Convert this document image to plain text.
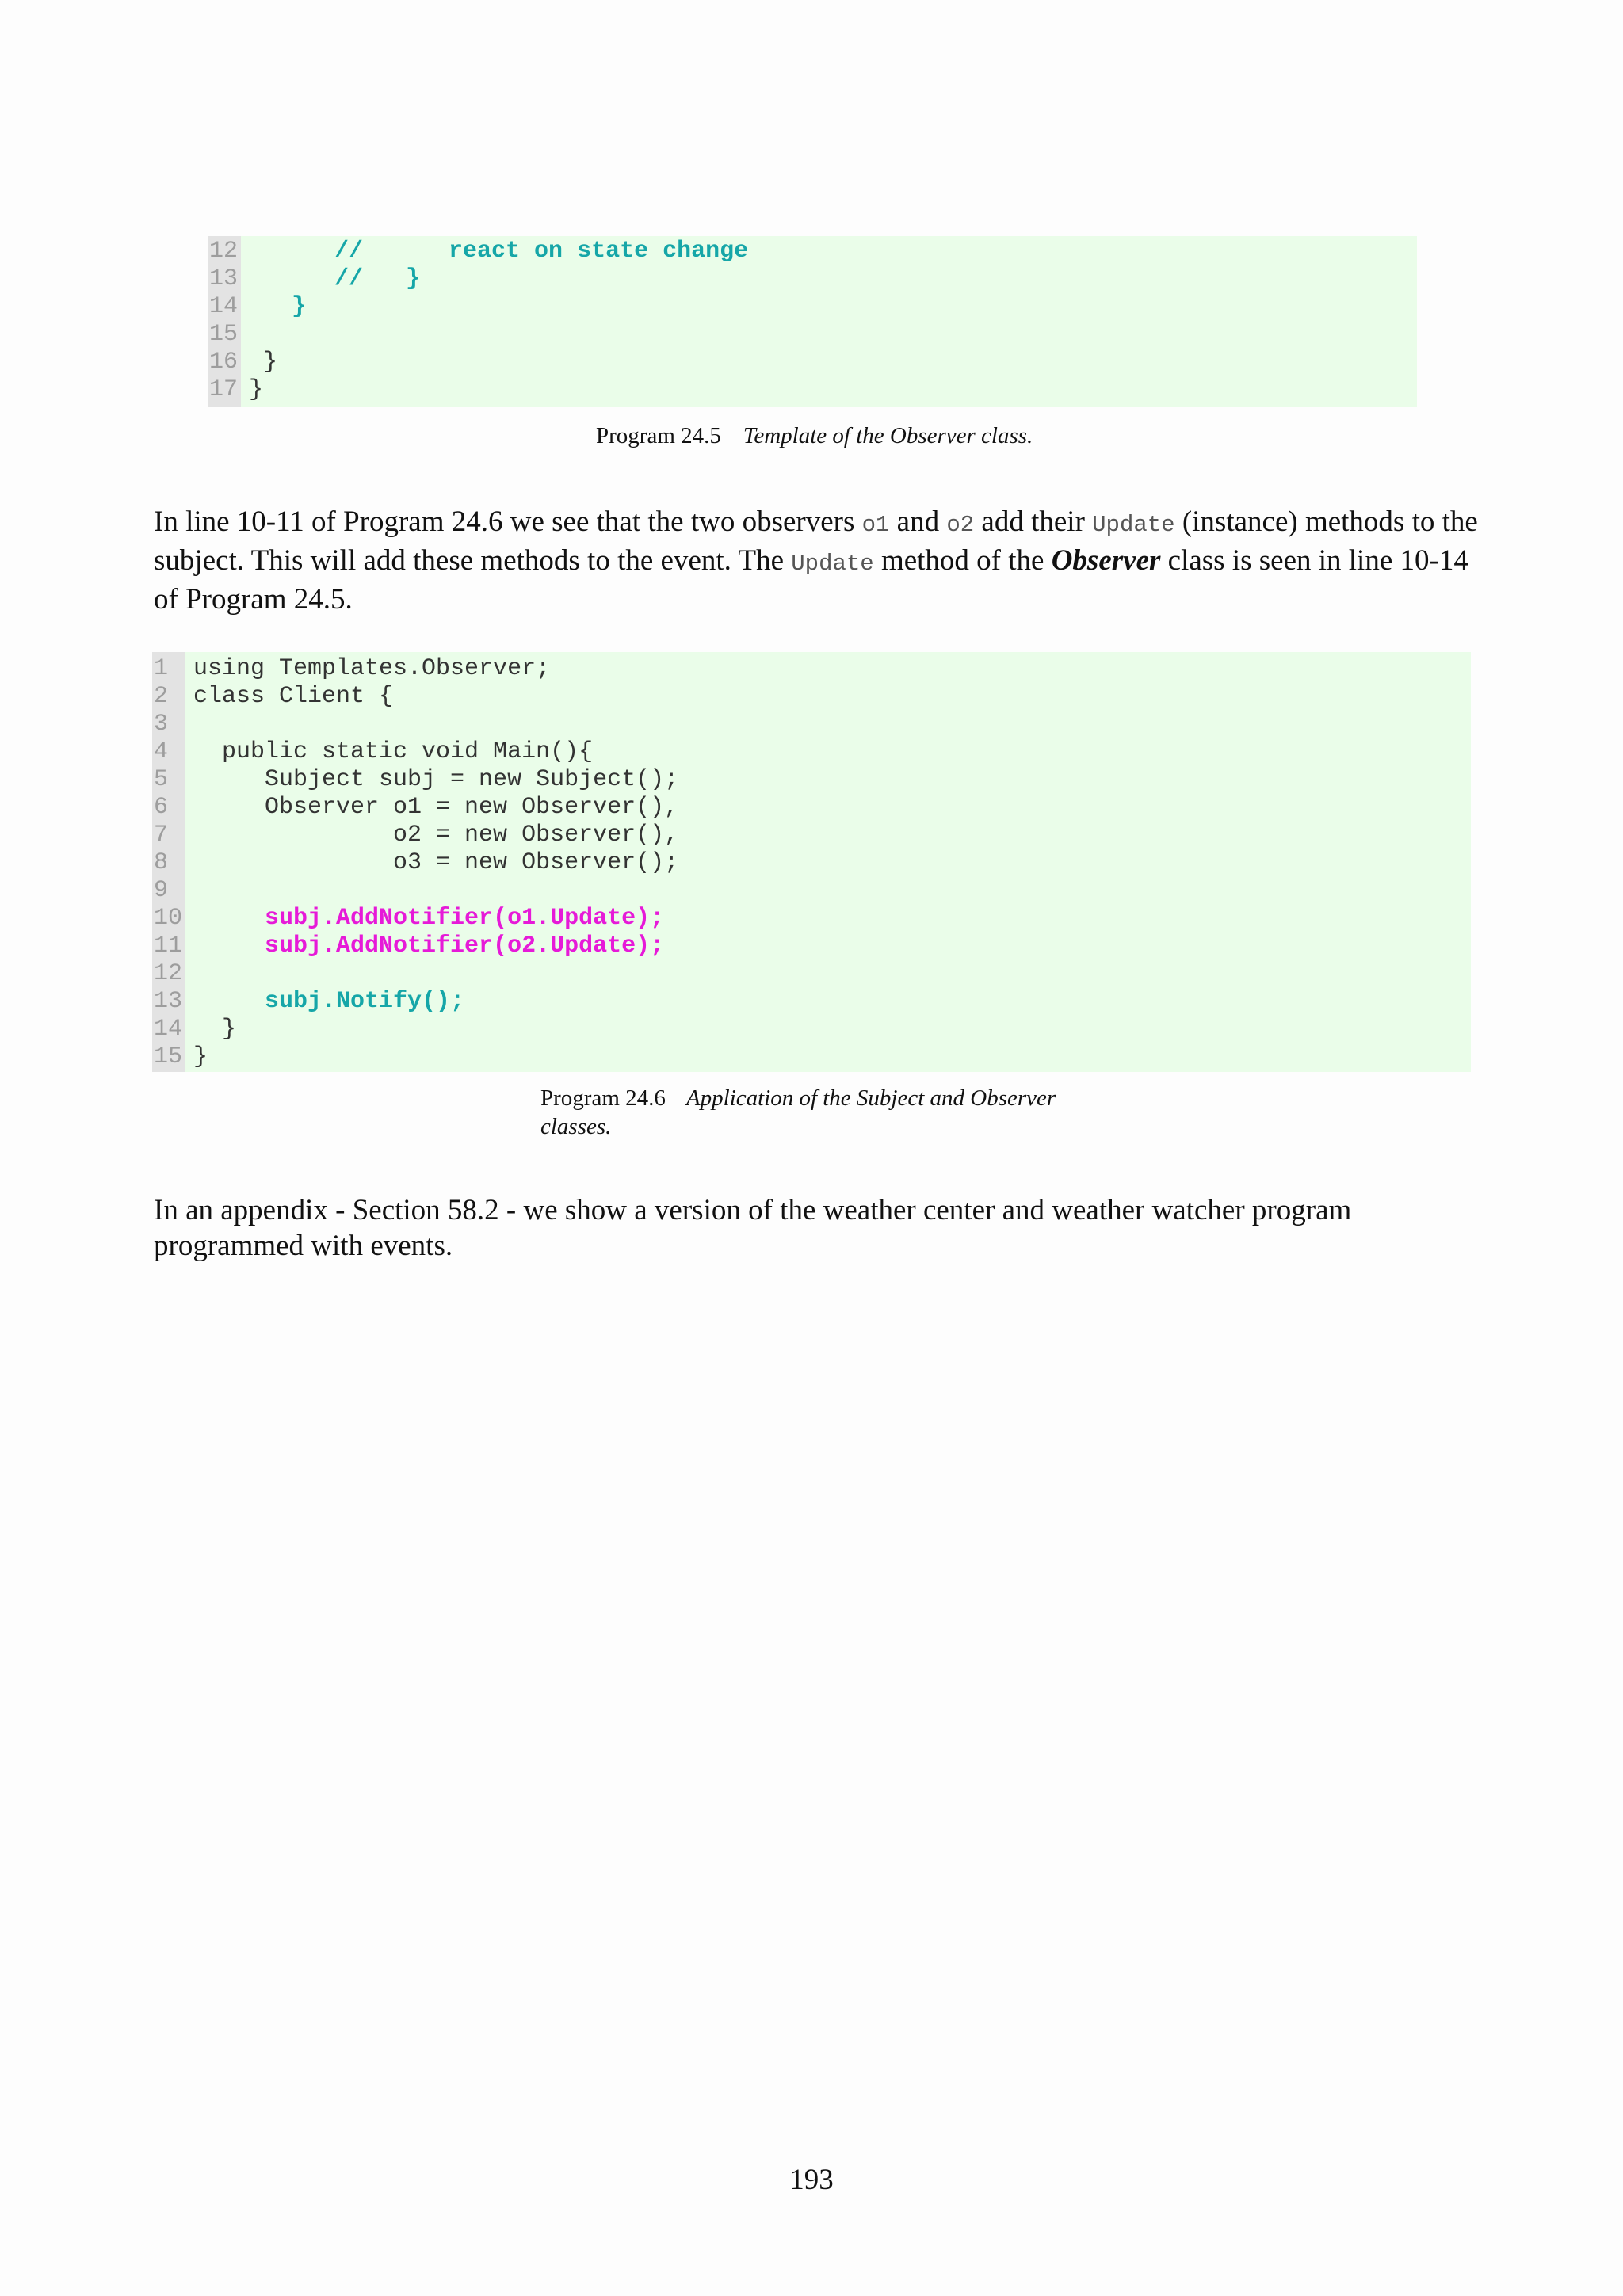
12 //      react on state change
13 //   }
14 }
15
16 }
17 }
Program 24.5 Template of the Observer class.

In line 10-11 of Program 24.6 we see that the two observers o1 and o2 add their Update (instance) methods to the subject. This will add these methods to the event. The Update method of the Observer class is seen in line 10-14 of Program 24.5.

1 using Templates.Observer;
2 class Client {
3
4 public static void Main(){
5 Subject subj = new Subject();
6 Observer o1 = new Observer(),
7 o2 = new Observer(),
8 o3 = new Observer();
9
10 subj.AddNotifier(o1.Update);
11 subj.AddNotifier(o2.Update);
12
13 subj.Notify();
14 }
15 }
Program 24.6 Application of the Subject and Observer classes.

In an appendix - Section 58.2 - we show a version of the weather center and weather watcher program programmed with events.

193
